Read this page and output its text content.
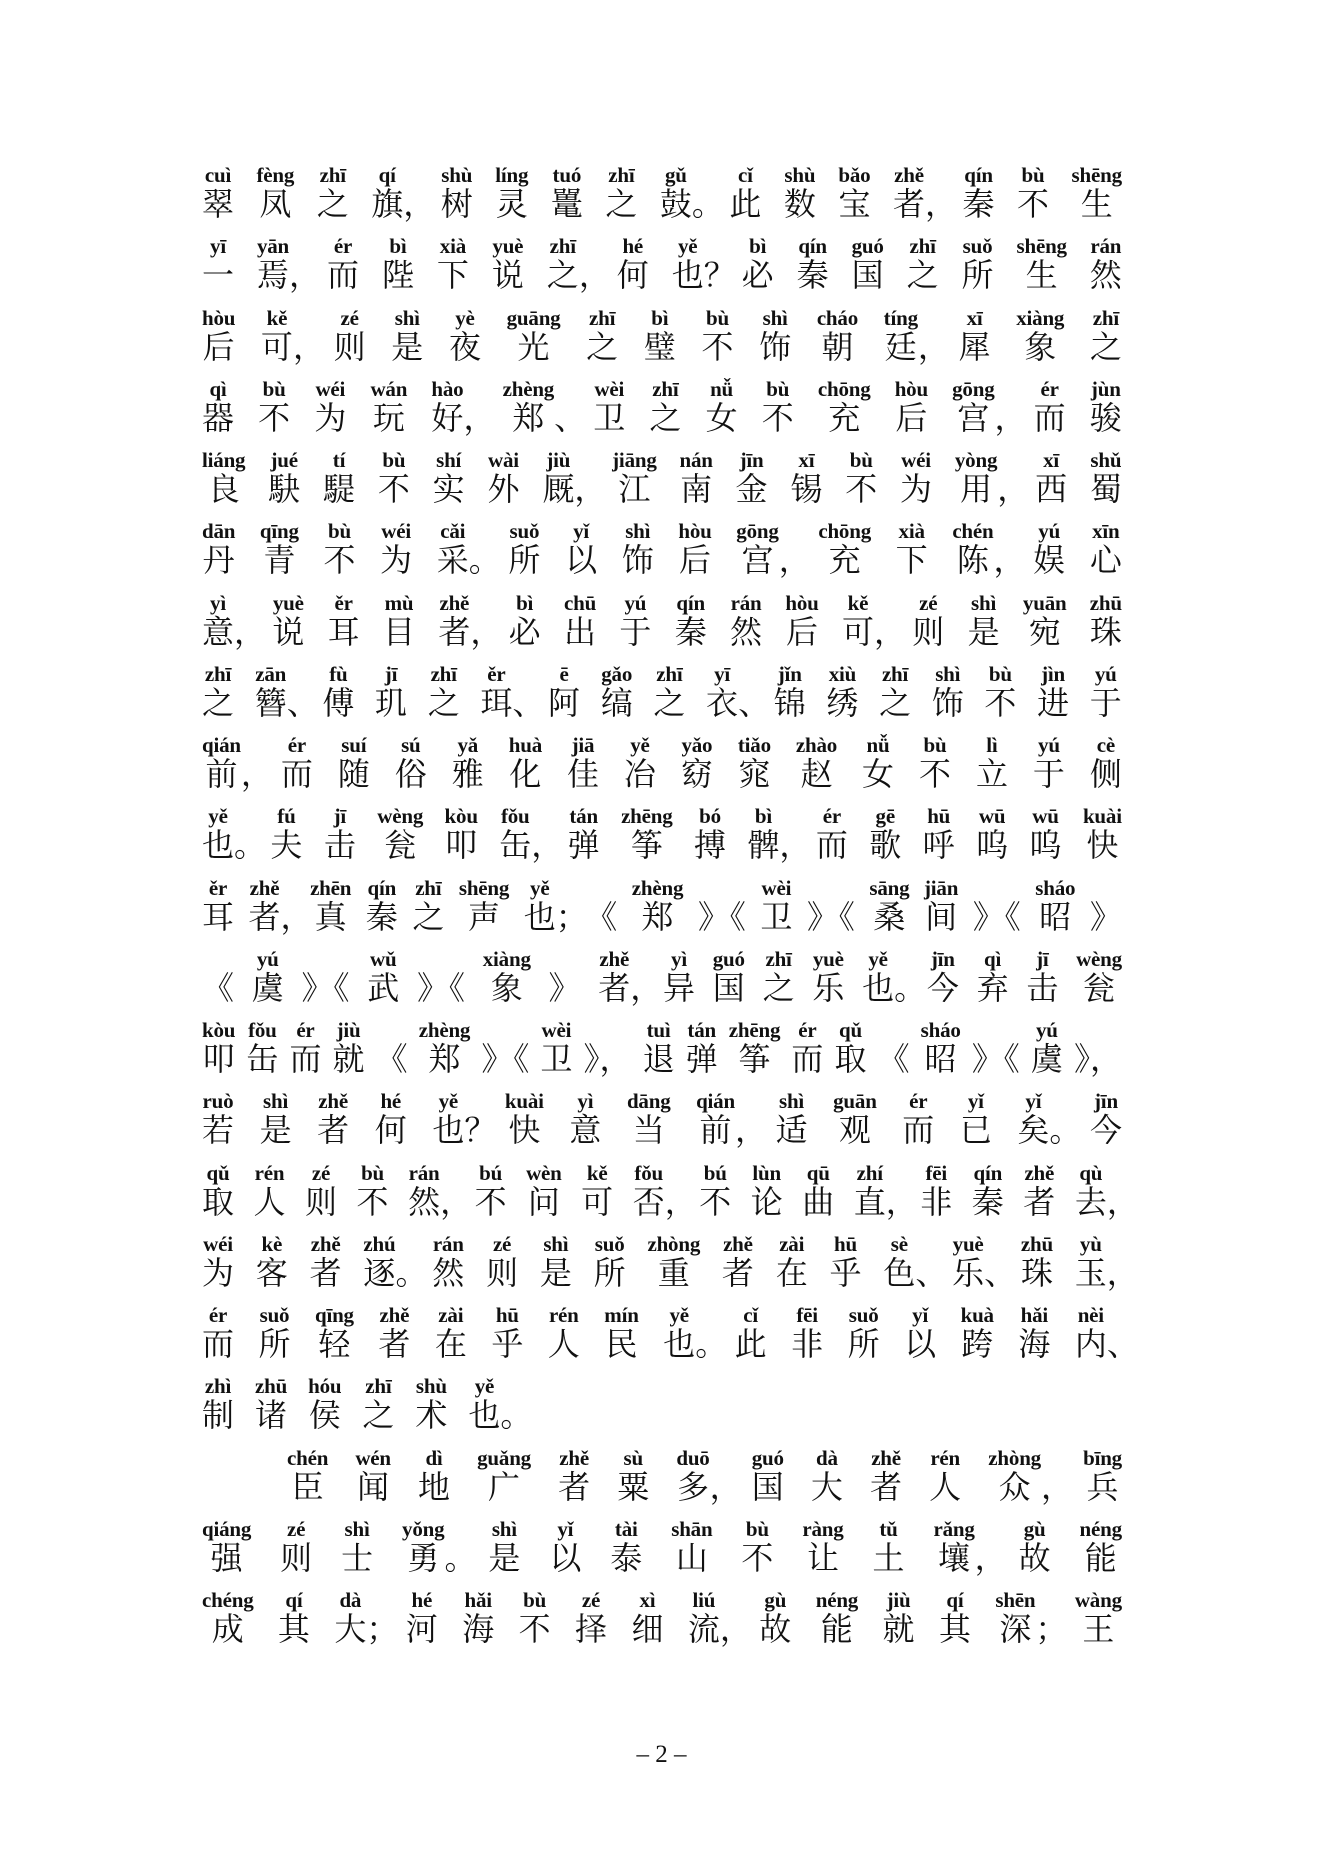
cuì
翠
fèng
凤
zhī
之
qí
旗 ，
shù
树
líng
灵
tuó
鼍
zhī
之
gǔ
鼓 。
cǐ
此
shù
数
bǎo
宝
zhě
者 ，
qín
秦
bù
不
shēng
生
yī
一
yān
焉 ，
ér
而
bì
陛
xià
下
yuè
说
zhī
之 ，
hé
何
yě
也 ？
bì
必
qín
秦
guó
国
zhī
之
suǒ
所
shēng
生
rán
然
hòu
后
kě
可 ，
zé
则
shì
是
yè
夜
guāng
光
zhī
之
bì
璧
bù
不
shì
饰
cháo
朝
tíng
廷 ，
xī
犀
xiàng
象
zhī
之
qì
器
bù
不
wéi
为
wán
玩
hào
好 ，
zhèng
郑 、
wèi
卫
zhī
之
nǚ
女
bù
不
chōng
充
hòu
后
gōng
宫 ，
ér
而
jùn
骏
liáng
良
jué
駃
tí
騠
bù
不
shí
实
wài
外
jiù
厩 ，
jiāng
江
nán
南
jīn
金
xī
锡
bù
不
wéi
为
yòng
用 ，
xī
西
shǔ
蜀
dān
丹
qīng
青
bù
不
wéi
为
cǎi
采 。
suǒ
所
yǐ
以
shì
饰
hòu
后
gōng
宫 ，
chōng
充
xià
下
chén
陈 ，
yú
娱
xīn
心
yì
意 ，
yuè
说
ěr
耳
mù
目
zhě
者 ，
bì
必
chū
出
yú
于
qín
秦
rán
然
hòu
后
kě
可 ，
zé
则
shì
是
yuān
宛
zhū
珠
zhī
之
zān
簪 、
fù
傅
jī
玑
zhī
之
ěr
珥 、
ē
阿
gǎo
缟
zhī
之
yī
衣 、
jǐn
锦
xiù
绣
zhī
之
shì
饰
bù
不
jìn
进
yú
于
qián
前 ，
ér
而
suí
随
sú
俗
yǎ
雅
huà
化
jiā
佳
yě
冶
yǎo
窈
tiǎo
窕
zhào
赵
nǚ
女
bù
不
lì
立
yú
于
cè
侧
yě
也 。
fú
夫
jī
击
wèng
瓮
kòu
叩
fǒu
缶 ，
tán
弹
zhēng
筝
bó
搏
bì
髀 ，
ér
而
gē
歌
hū
呼
wū
呜
wū
呜
kuài
快
ěr
耳
zhě
者 ，
zhēn
真
qín
秦
zhī
之
shēng
声
yě
也 ；
《
zhèng
郑 》《
wèi
卫 》《
sāng
桑
jiān
间 》《
sháo
昭 》
《
yú
虞 》《
wǔ
武 》《
xiàng
象 》
zhě
者 ，
yì
异
guó
国
zhī
之
yuè
乐
yě
也 。
jīn
今
qì
弃
jī
击
wèng
瓮
kòu
叩
fǒu
缶
ér
而
jiù
就 《
zhèng
郑 》《
wèi
卫 》，
tuì
退
tán
弹
zhēng
筝
ér
而
qǔ
取 《
sháo
昭 》《
yú
虞 》，
ruò
若
shì
是
zhě
者
hé
何
yě
也 ？
kuài
快
yì
意
dāng
当
qián
前 ，
shì
适
guān
观
ér
而
yǐ
已
yǐ
矣 。
jīn
今
qǔ
取
rén
人
zé
则
bù
不
rán
然 ，
bú
不
wèn
问
kě
可
fǒu
否 ，
bú
不
lùn
论
qū
曲
zhí
直 ，
fēi
非
qín
秦
zhě
者
qù
去 ，
wéi
为
kè
客
zhě
者
zhú
逐 。
rán
然
zé
则
shì
是
suǒ
所
zhòng
重
zhě
者
zài
在
hū
乎
sè
色 、
yuè
乐 、
zhū
珠
yù
玉 ，
ér
而
suǒ
所
qīng
轻
zhě
者
zài
在
hū
乎
rén
人
mín
民
yě
也 。
cǐ
此
fēi
非
suǒ
所
yǐ
以
kuà
跨
hǎi
海
nèi
内 、
zhì
制
zhū
诸
hóu
侯
zhī
之
shù
术
yě
也 。
chén
臣
wén
闻
dì
地
guǎng
广
zhě
者
sù
粟
duō
多 ，
guó
国
dà
大
zhě
者
rén
人
zhòng
众 ，
bīng
兵
qiáng
强
zé
则
shì
士
yǒng
勇 。
shì
是
yǐ
以
tài
泰
shān
山
bù
不
ràng
让
tǔ
土
rǎng
壤 ，
gù
故
néng
能
chéng
成
qí
其
dà
大 ；
hé
河
hǎi
海
bù
不
zé
择
xì
细
liú
流 ，
gù
故
néng
能
jiù
就
qí
其
shēn
深 ；
wàng
王
– 2 –
